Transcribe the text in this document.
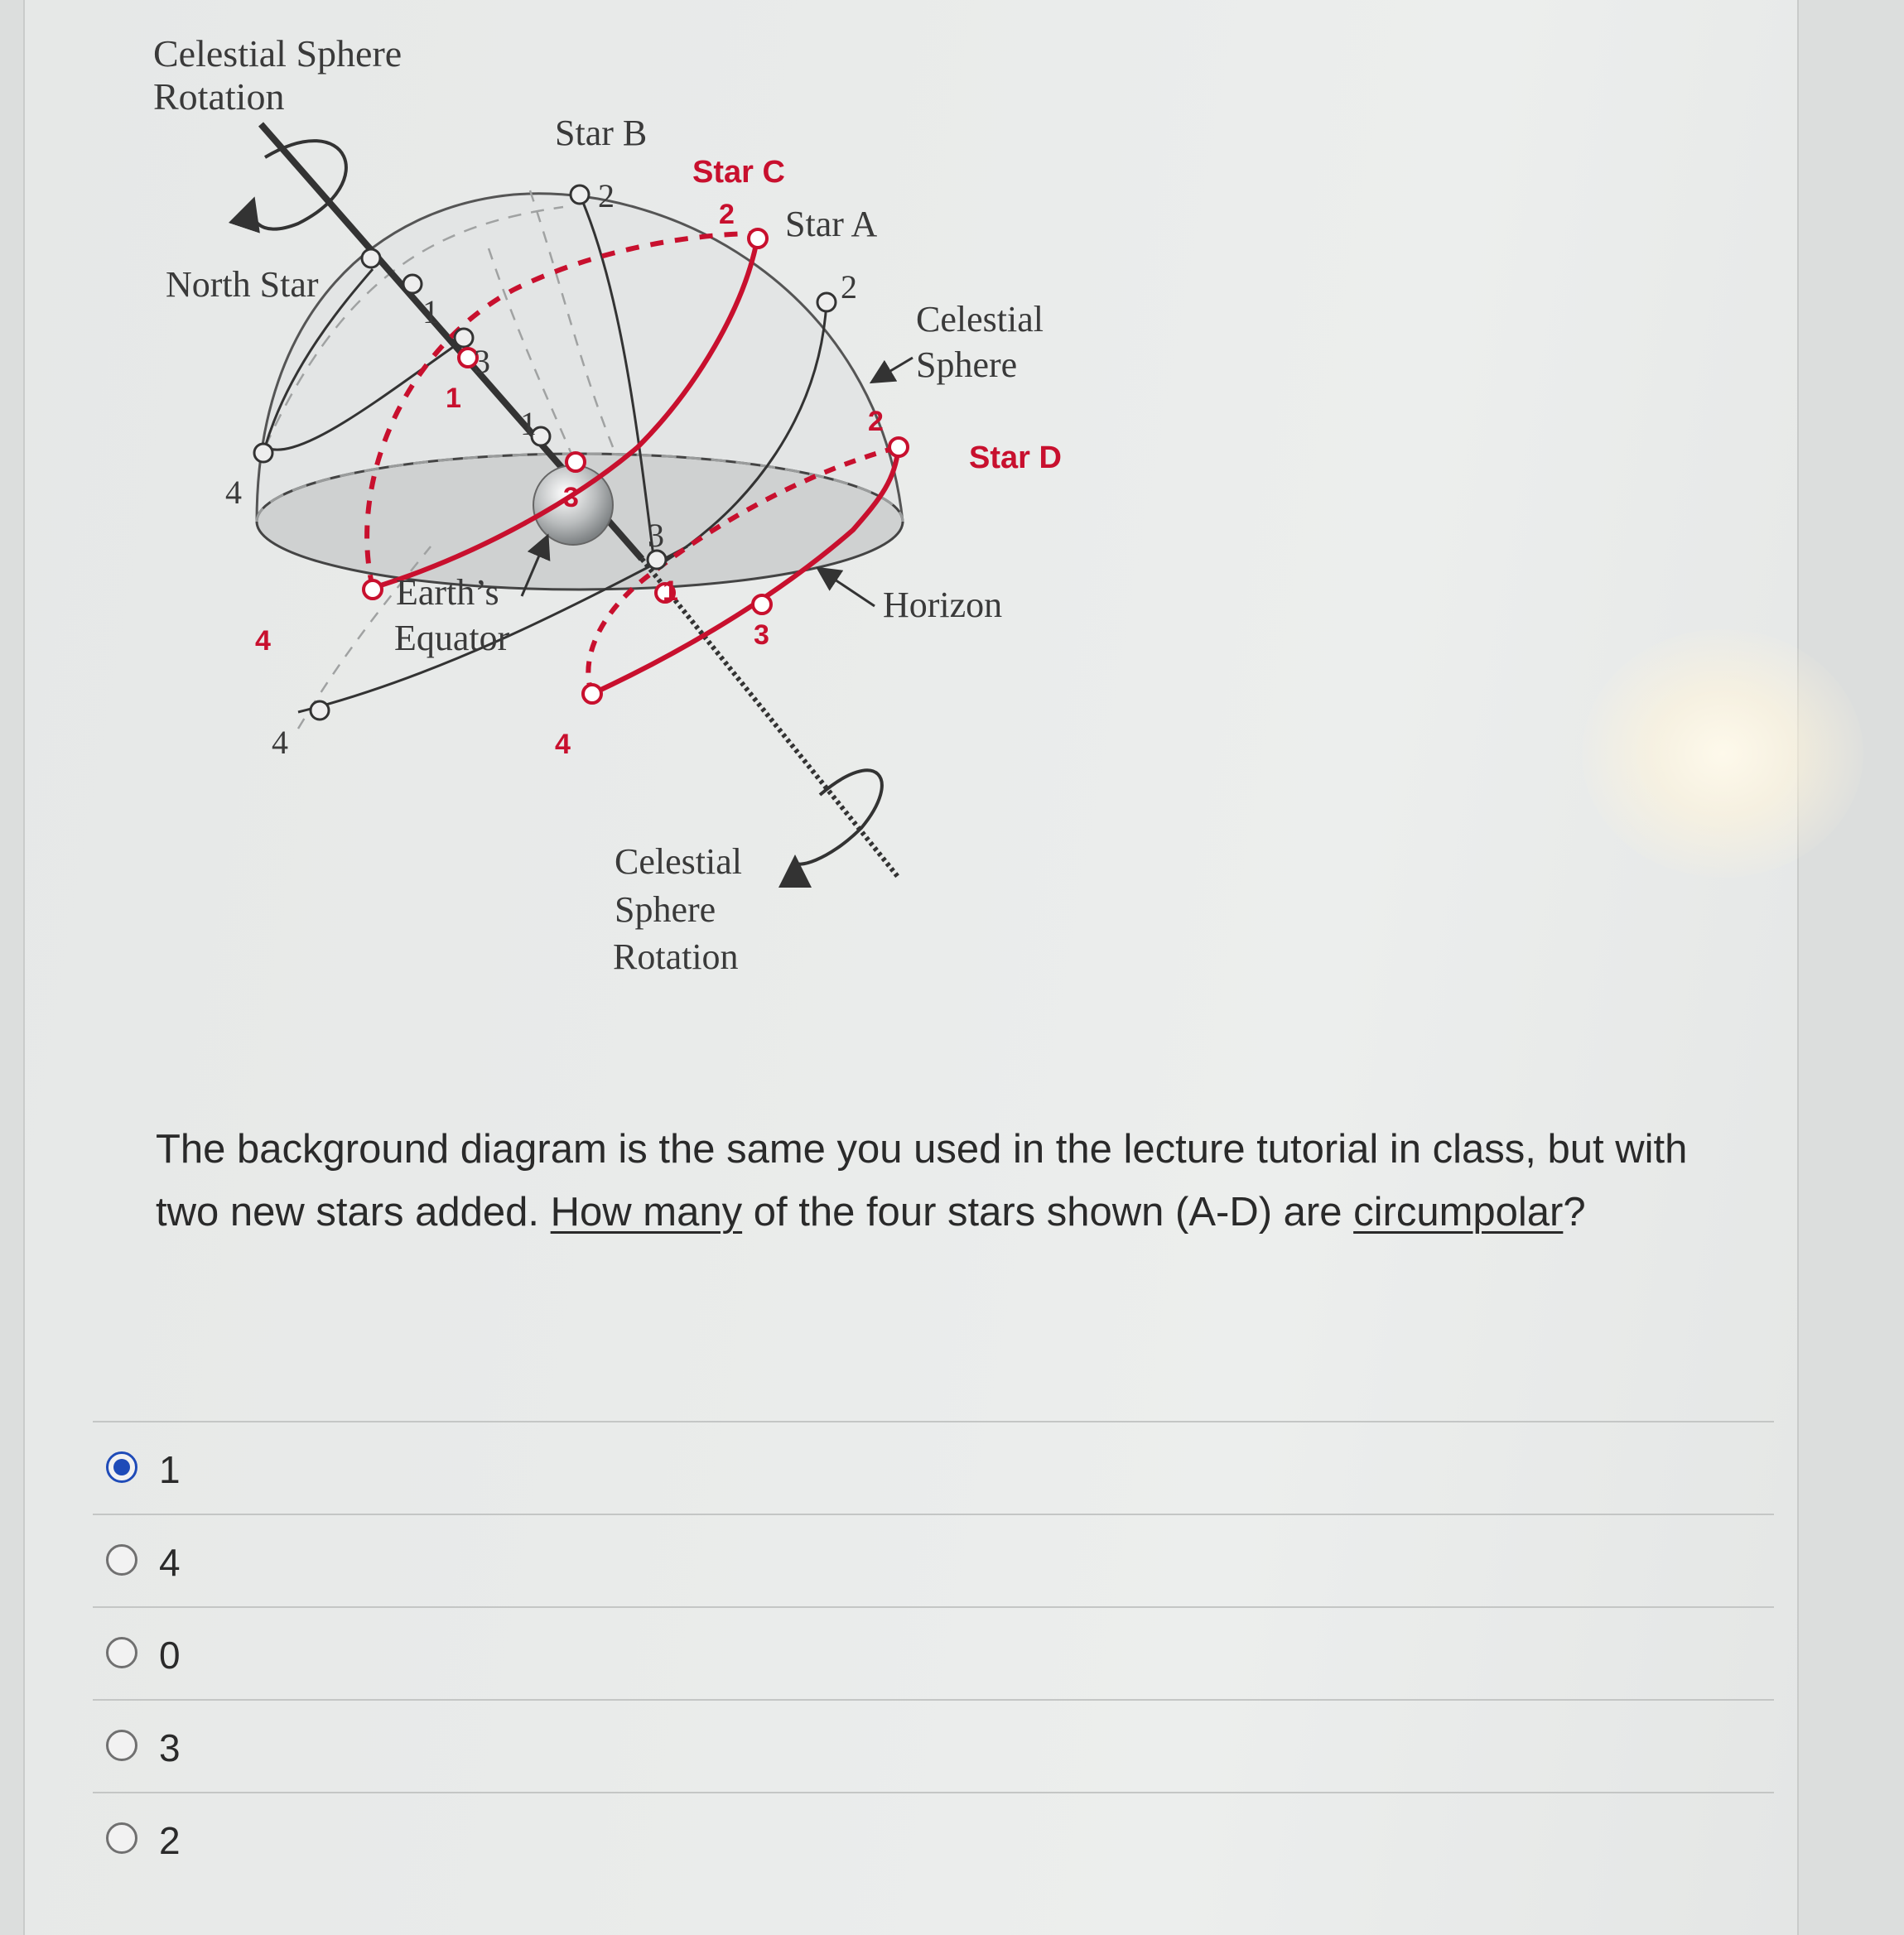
Celestial Sphere
Rotation
North Star
Star B
Star C
Star A
Celestial
Sphere
Star D
Horizon
Earth’s
Equator
Celestial
Sphere
Rotation
2
2
1
1
3
4
3
4
2
2
1
3
1
4	3
4
The background diagram is the same you used in the lecture tutorial in class, but with two new stars added. How many of the four stars shown (A-D) are circumpolar?
1
4
0
3
2
